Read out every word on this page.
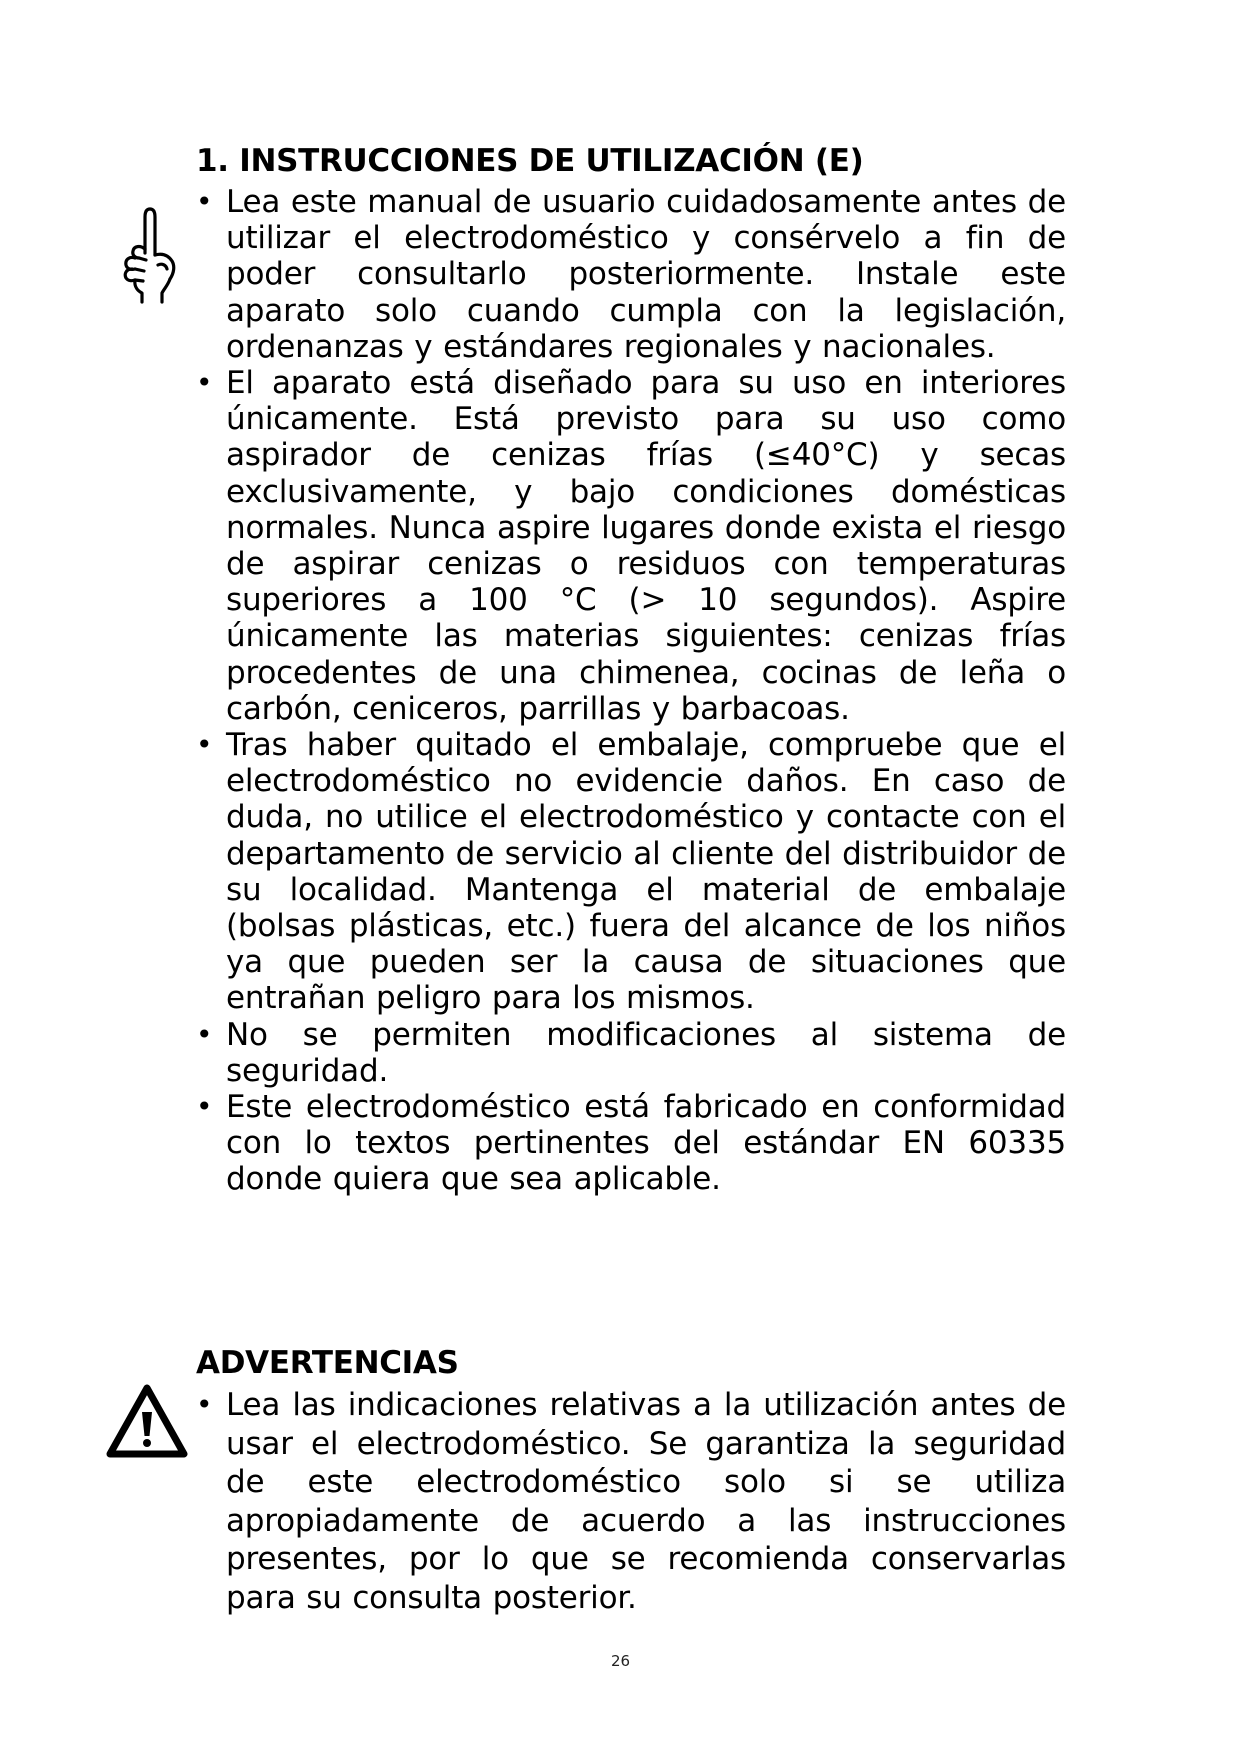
1. INSTRUCCIONES DE UTILIZACIÓN (E)
• Lea este manual de usuario cuidadosamente antes de utilizar el electrodoméstico y consérvelo a fin de poder consultarlo posteriormente. Instale este aparato solo cuando cumpla con la legislación, ordenanzas y estándares regionales y nacionales.
• El aparato está diseñado para su uso en interiores únicamente. Está previsto para su uso como aspirador de cenizas frías (≤40°C) y secas exclusivamente, y bajo condiciones domésticas normales. Nunca aspire lugares donde exista el riesgo de aspirar cenizas o residuos con temperaturas superiores a 100 °C (> 10 segundos). Aspire únicamente las materias siguientes: cenizas frías procedentes de una chimenea, cocinas de leña o carbón, ceniceros, parrillas y barbacoas.
• Tras haber quitado el embalaje, compruebe que el electrodoméstico no evidencie daños. En caso de duda, no utilice el electrodoméstico y contacte con el departamento de servicio al cliente del distribuidor de su localidad. Mantenga el material de embalaje (bolsas plásticas, etc.) fuera del alcance de los niños ya que pueden ser la causa de situaciones que entrañan peligro para los mismos.
• No se permiten modificaciones al sistema de seguridad.
• Este electrodoméstico está fabricado en conformidad con lo textos pertinentes del estándar EN 60335 donde quiera que sea aplicable.
ADVERTENCIAS
• Lea las indicaciones relativas a la utilización antes de usar el electrodoméstico. Se garantiza la seguridad de este electrodoméstico solo si se utiliza apropiadamente de acuerdo a las instrucciones presentes, por lo que se recomienda conservarlas para su consulta posterior.
26
